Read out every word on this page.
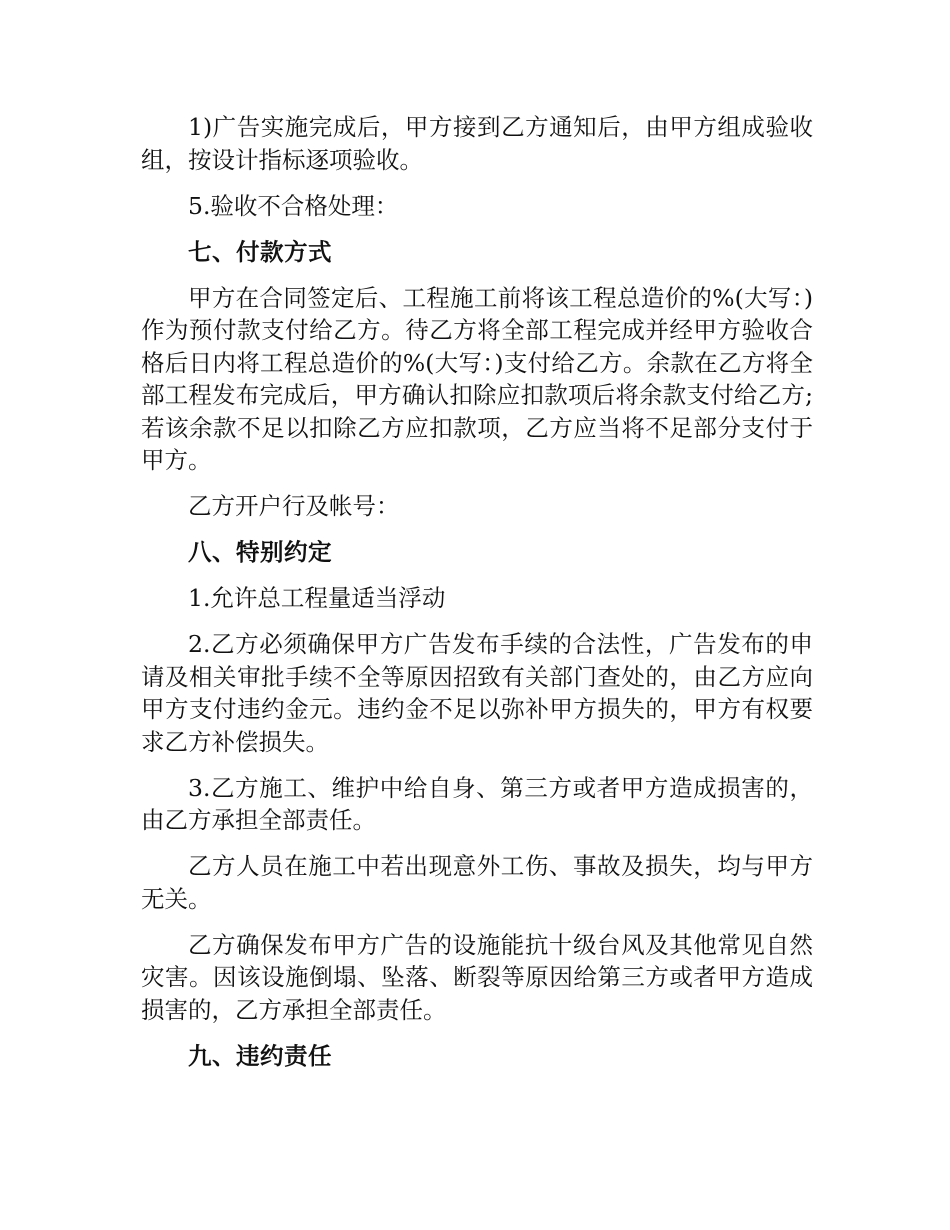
1)广告实施完成后，甲方接到乙方通知后，由甲方组成验收组，按设计指标逐项验收。

5.验收不合格处理：

七、付款方式

甲方在合同签定后、工程施工前将该工程总造价的%(大写：)作为预付款支付给乙方。待乙方将全部工程完成并经甲方验收合格后日内将工程总造价的%(大写：)支付给乙方。余款在乙方将全部工程发布完成后，甲方确认扣除应扣款项后将余款支付给乙方;若该余款不足以扣除乙方应扣款项，乙方应当将不足部分支付于甲方。

乙方开户行及帐号：

八、特别约定

1.允许总工程量适当浮动

2.乙方必须确保甲方广告发布手续的合法性，广告发布的申请及相关审批手续不全等原因招致有关部门查处的，由乙方应向甲方支付违约金元。违约金不足以弥补甲方损失的，甲方有权要求乙方补偿损失。

3.乙方施工、维护中给自身、第三方或者甲方造成损害的，由乙方承担全部责任。

乙方人员在施工中若出现意外工伤、事故及损失，均与甲方无关。

乙方确保发布甲方广告的设施能抗十级台风及其他常见自然灾害。因该设施倒塌、坠落、断裂等原因给第三方或者甲方造成损害的，乙方承担全部责任。

九、违约责任
